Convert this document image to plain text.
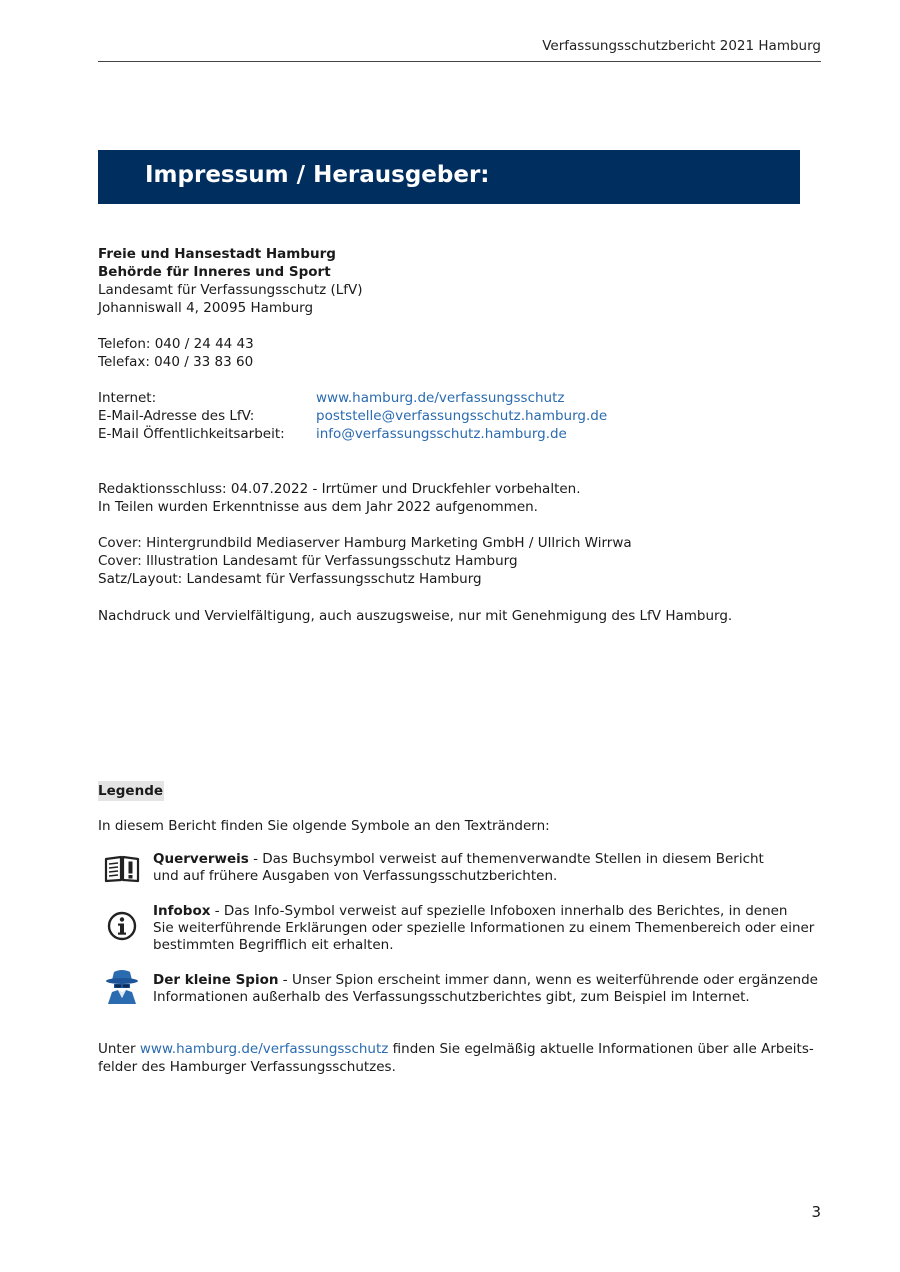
Verfassungsschutzbericht 2021 Hamburg
Impressum / Herausgeber:
Freie und Hansestadt Hamburg
Behörde für Inneres und Sport
Landesamt für Verfassungsschutz (LfV)
Johanniswall 4, 20095 Hamburg
Telefon: 040 / 24 44 43
Telefax: 040 / 33 83 60
Internet:	www.hamburg.de/verfassungsschutz
E-Mail-Adresse des LfV:	poststelle@verfassungsschutz.hamburg.de
E-Mail Öffentlichkeitsarbeit: info@verfassungsschutz.hamburg.de
Redaktionsschluss: 04.07.2022 - Irrtümer und Druckfehler vorbehalten.
In Teilen wurden Erkenntnisse aus dem Jahr 2022 aufgenommen.
Cover: Hintergrundbild Mediaserver Hamburg Marketing GmbH / Ullrich Wirrwa
Cover: Illustration Landesamt für Verfassungsschutz Hamburg
Satz/Layout: Landesamt für Verfassungsschutz Hamburg
Nachdruck und Vervielfältigung, auch auszugsweise, nur mit Genehmigung des LfV Hamburg.
Legende
In diesem Bericht finden Sie olgende Symbole an den Texträndern:
Querverweis - Das Buchsymbol verweist auf themenverwandte Stellen in diesem Bericht
und auf frühere Ausgaben von Verfassungsschutzberichten.
Infobox - Das Info-Symbol verweist auf spezielle Infoboxen innerhalb des Berichtes, in denen
Sie weiterführende Erklärungen oder spezielle Informationen zu einem Themenbereich oder einer
bestimmten Begrifflich eit erhalten.
Der kleine Spion - Unser Spion erscheint immer dann, wenn es weiterführende oder ergänzende
Informationen außerhalb des Verfassungsschutzberichtes gibt, zum Beispiel im Internet.
Unter www.hamburg.de/verfassungsschutz finden Sie egelmäßig aktuelle Informationen über alle Arbeits-
felder des Hamburger Verfassungsschutzes.
3
